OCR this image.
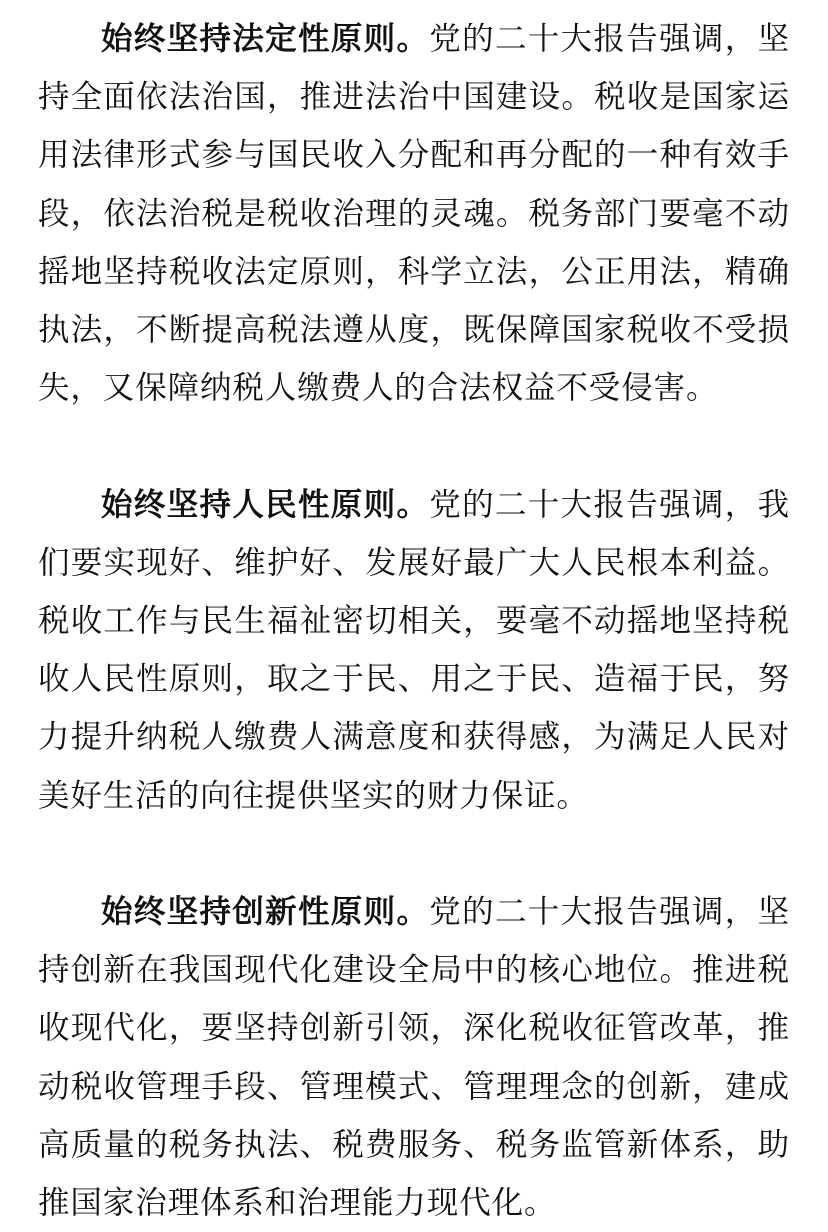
始终坚持法定性原则。党的二十大报告强调，坚持全面依法治国，推进法治中国建设。税收是国家运用法律形式参与国民收入分配和再分配的一种有效手段，依法治税是税收治理的灵魂。税务部门要毫不动摇地坚持税收法定原则，科学立法，公正用法，精确执法，不断提高税法遵从度，既保障国家税收不受损失，又保障纳税人缴费人的合法权益不受侵害。

始终坚持人民性原则。党的二十大报告强调，我们要实现好、维护好、发展好最广大人民根本利益。税收工作与民生福祉密切相关，要毫不动摇地坚持税收人民性原则，取之于民、用之于民、造福于民，努力提升纳税人缴费人满意度和获得感，为满足人民对美好生活的向往提供坚实的财力保证。

始终坚持创新性原则。党的二十大报告强调，坚持创新在我国现代化建设全局中的核心地位。推进税收现代化，要坚持创新引领，深化税收征管改革，推动税收管理手段、管理模式、管理理念的创新，建成高质量的税务执法、税费服务、税务监管新体系，助推国家治理体系和治理能力现代化。
